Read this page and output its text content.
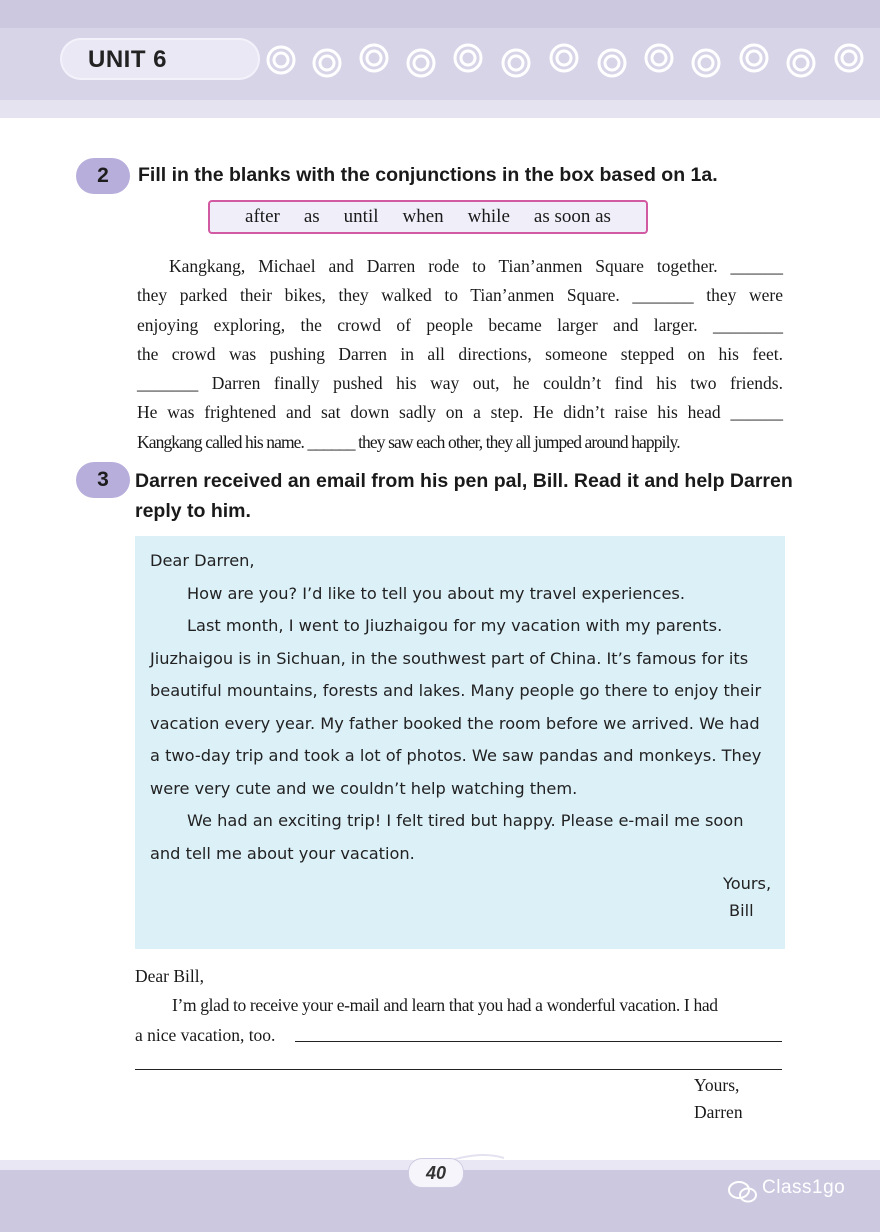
UNIT 6
2	Fill in the blanks with the conjunctions in the box based on 1a.
after as until when while as soon as
Kangkang, Michael and Darren rode to Tian’anmen Square together. ______
they parked their bikes, they walked to Tian’anmen Square. _______ they were
enjoying exploring, the crowd of people became larger and larger. ________
the crowd was pushing Darren in all directions, someone stepped on his feet.
_______ Darren finally pushed his way out, he couldn’t find his two friends.
He was frightened and sat down sadly on a step. He didn’t raise his head ______
Kangkang called his name. ______ they saw each other, they all jumped around happily.
3	Darren received an email from his pen pal, Bill. Read it and help Darren
reply to him.
Dear Darren,
How are you? I’d like to tell you about my travel experiences.
Last month, I went to Jiuzhaigou for my vacation with my parents.
Jiuzhaigou is in Sichuan, in the southwest part of China. It’s famous for its
beautiful mountains, forests and lakes. Many people go there to enjoy their
vacation every year. My father booked the room before we arrived. We had
a two-day trip and took a lot of photos. We saw pandas and monkeys. They
were very cute and we couldn’t help watching them.
We had an exciting trip! I felt tired but happy. Please e-mail me soon
and tell me about your vacation.
Yours,
Bill
Dear Bill,
I’m glad to receive your e-mail and learn that you had a wonderful vacation. I had
a nice vacation, too.
Yours,
Darren
40
Class1go
